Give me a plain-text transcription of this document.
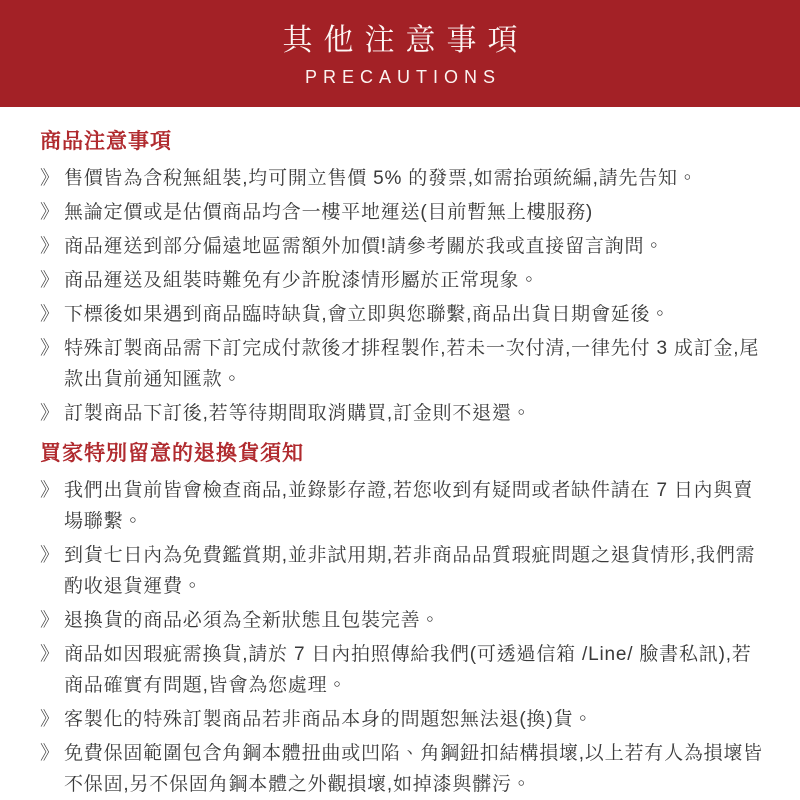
其他注意事項
PRECAUTIONS
商品注意事項
》 售價皆為含稅無組裝,均可開立售價 5% 的發票,如需抬頭統編,請先告知。

》 無論定價或是估價商品均含一樓平地運送(目前暫無上樓服務)

》 商品運送到部分偏遠地區需額外加價!請參考關於我或直接留言詢問。

》 商品運送及組裝時難免有少許脫漆情形屬於正常現象。

》 下標後如果遇到商品臨時缺貨,會立即與您聯繫,商品出貨日期會延後。

》 特殊訂製商品需下訂完成付款後才排程製作,若未一次付清,一律先付 3 成訂金,尾款出貨前通知匯款。

》 訂製商品下訂後,若等待期間取消購買,訂金則不退還。

買家特別留意的退換貨須知
》 我們出貨前皆會檢查商品,並錄影存證,若您收到有疑問或者缺件請在 7 日內與賣場聯繫。

》 到貨七日內為免費鑑賞期,並非試用期,若非商品品質瑕疵問題之退貨情形,我們需酌收退貨運費。

》 退換貨的商品必須為全新狀態且包裝完善。

》 商品如因瑕疵需換貨,請於 7 日內拍照傳給我們(可透過信箱 /Line/ 臉書私訊),若商品確實有問題,皆會為您處理。

》 客製化的特殊訂製商品若非商品本身的問題恕無法退(換)貨。

》 免費保固範圍包含角鋼本體扭曲或凹陷、角鋼鈕扣結構損壞,以上若有人為損壞皆不保固,另不保固角鋼本體之外觀損壞,如掉漆與髒污。
